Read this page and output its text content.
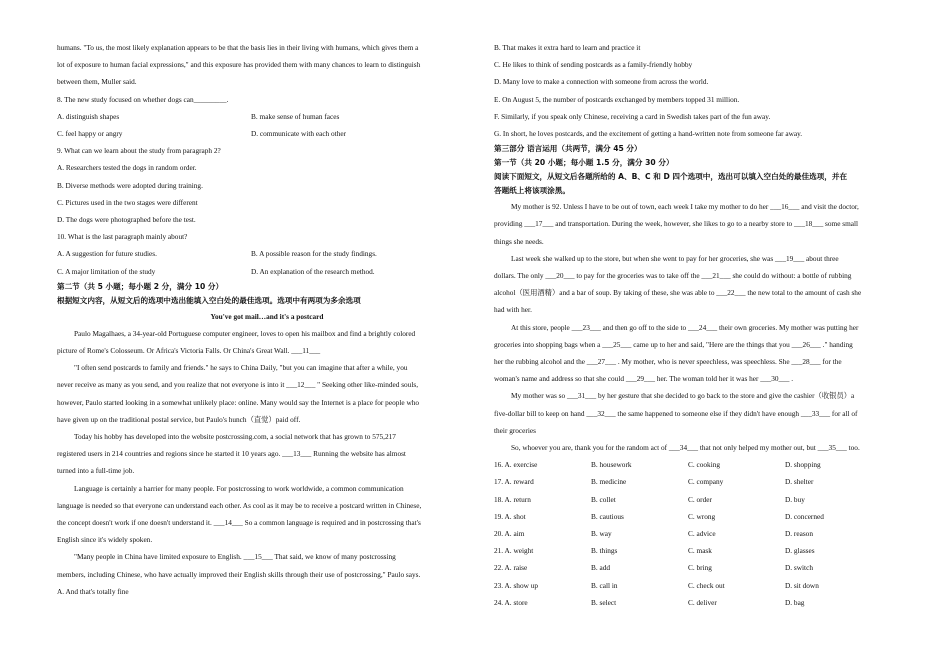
humans. "To us, the most likely explanation appears to be that the basis lies in their living with humans, which gives them a
lot of exposure to human facial expressions," and this exposure has provided them with many chances to learn to distinguish
between them, Muller said.
8. The new study focused on whether dogs can_________.
A. distinguish shapes	B. make sense of human faces
C. feel happy or angry	D. communicate with each other
9. What can we learn about the study from paragraph 2?
A. Researchers tested the dogs in random order.
B. Diverse methods were adopted during training.
C. Pictures used in the two stages were different
D. The dogs were photographed before the test.
10. What is the last paragraph mainly about?
A. A suggestion for future studies.	B. A possible reason for the study findings.
C. A major limitation of the study	D. An explanation of the research method.
第二节（共 5 小题；每小题 2 分，满分 10 分）
根据短文内容，从短文后的选项中选出能填入空白处的最佳选项。选项中有两项为多余选项
You've got mail…and it's a postcard
Paulo Magalhaes, a 34-year-old Portuguese computer engineer, loves to open his mailbox and find a brightly colored
picture of Rome's Colosseum. Or Africa's Victoria Falls. Or China's Great Wall. ___11___
"I often send postcards to family and friends." he says to China Daily, "but you can imagine that after a while, you
never receive as many as you send, and you realize that not everyone is into it ___12___ " Seeking other like-minded souls,
however, Paulo started looking in a somewhat unlikely place: online. Many would say the Internet is a place for people who
have given up on the traditional postal service, but Paulo's hunch（直觉）paid off.
Today his hobby has developed into the website postcrossing.com, a social network that has grown to 575,217
registered users in 214 countries and regions since he started it 10 years ago. ___13___ Running the website has almost
turned into a full-time job.
Language is certainly a harrier for many people. For postcrossing to work worldwide, a common communication
language is needed so that everyone can understand each other. As cool as it may be to receive a postcard written in Chinese,
the concept doesn't work if one doesn't understand it. ___14___ So a common language is required and in postcrossing that's
English since it's widely spoken.
"Many people in China have limited exposure to English. ___15___ That said, we know of many postcrossing
members, including Chinese, who have actually improved their English skills through their use of postcrossing," Paulo says.
A. And that's totally fine
B. That makes it extra hard to learn and practice it
C. He likes to think of sending postcards as a family-friendly hobby
D. Many love to make a connection with someone from across the world.
E. On August 5, the number of postcards exchanged by members topped 31 million.
F. Similarly, if you speak only Chinese, receiving a card in Swedish takes part of the fun away.
G. In short, he loves postcards, and the excitement of getting a hand-written note from someone far away.
第三部分 语言运用（共两节，满分 45 分）
第一节（共 20 小题；每小题 1.5 分，满分 30 分）
阅读下面短文，从短文后各题所给的 A、B、C 和 D 四个选项中，选出可以填入空白处的最佳选项，并在
答题纸上将该项涂黑。
My mother is 92. Unless I have to be out of town, each week I take my mother to do her ___16___ and visit the doctor,
providing ___17___ and transportation. During the week, however, she likes to go to a nearby store to ___18___ some small
things she needs.
Last week she walked up to the store, but when she went to pay for her groceries, she was ___19___ about three
dollars. The only ___20___ to pay for the groceries was to take off the ___21___ she could do without: a bottle of rubbing
alcohol（医用酒精）and a bar of soup. By taking of these, she was able to ___22___ the new total to the amount of cash she
had with her.
At this store, people ___23___ and then go off to the side to ___24___ their own groceries. My mother was putting her
groceries into shopping bags when a ___25___ came up to her and said, "Here are the things that you ___26___ ." handing
her the rubbing alcohol and the ___27___ . My mother, who is never speechless, was speechless. She ___28___ for the
woman's name and address so that she could ___29___ her. The woman told her it was her ___30___ .
My mother was so ___31___ by her gesture that she decided to go back to the store and give the cashier（收银员）a
five-dollar bill to keep on hand ___32___ the same happened to someone else if they didn't have enough ___33___ for all of
their groceries
So, whoever you are, thank you for the random act of ___34___ that not only helped my mother out, but ___35___ too.
16. A. exercise	B. housework	C. cooking	D. shopping
17. A. reward	B. medicine	C. company	D. shelter
18. A. return	B. collet	C. order	D. buy
19. A. shot	B. cautious	C. wrong	D. concerned
20. A. aim	B. way	C. advice	D. reason
21. A. weight	B. things	C. mask	D. glasses
22. A. raise	B. add	C. bring	D. switch
23. A. show up	B. call in	C. check out	D. sit down
24. A. store	B. select	C. deliver	D. bag
